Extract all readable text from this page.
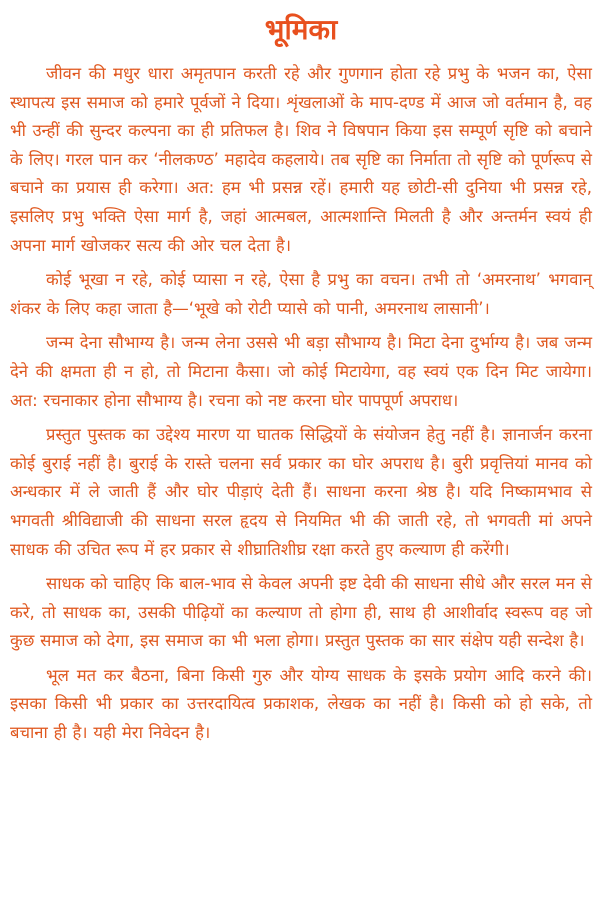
भूमिका

जीवन की मधुर धारा अमृतपान करती रहे और गुणगान होता रहे प्रभु के भजन का, ऐसा स्थापत्य इस समाज को हमारे पूर्वजों ने दिया। शृंखलाओं के माप-दण्ड में आज जो वर्तमान है, वह भी उन्हीं की सुन्दर कल्पना का ही प्रतिफल है। शिव ने विषपान किया इस सम्पूर्ण सृष्टि को बचाने के लिए। गरल पान कर ‘नीलकण्ठ’ महादेव कहलाये। तब सृष्टि का निर्माता तो सृष्टि को पूर्णरूप से बचाने का प्रयास ही करेगा। अत: हम भी प्रसन्न रहें। हमारी यह छोटी-सी दुनिया भी प्रसन्न रहे, इसलिए प्रभु भक्ति ऐसा मार्ग है, जहां आत्मबल, आत्मशान्ति मिलती है और अन्तर्मन स्वयं ही अपना मार्ग खोजकर सत्य की ओर चल देता है।

कोई भूखा न रहे, कोई प्यासा न रहे, ऐसा है प्रभु का वचन। तभी तो ‘अमरनाथ’ भगवान् शंकर के लिए कहा जाता है—‘भूखे को रोटी प्यासे को पानी, अमरनाथ लासानी’।

जन्म देना सौभाग्य है। जन्म लेना उससे भी बड़ा सौभाग्य है। मिटा देना दुर्भाग्य है। जब जन्म देने की क्षमता ही न हो, तो मिटाना कैसा। जो कोई मिटायेगा, वह स्वयं एक दिन मिट जायेगा। अत: रचनाकार होना सौभाग्य है। रचना को नष्ट करना घोर पापपूर्ण अपराध।

प्रस्तुत पुस्तक का उद्देश्य मारण या घातक सिद्धियों के संयोजन हेतु नहीं है। ज्ञानार्जन करना कोई बुराई नहीं है। बुराई के रास्ते चलना सर्व प्रकार का घोर अपराध है। बुरी प्रवृत्तियां मानव को अन्धकार में ले जाती हैं और घोर पीड़ाएं देती हैं। साधना करना श्रेष्ठ है। यदि निष्कामभाव से भगवती श्रीविद्याजी की साधना सरल हृदय से नियमित भी की जाती रहे, तो भगवती मां अपने साधक की उचित रूप में हर प्रकार से शीघ्रातिशीघ्र रक्षा करते हुए कल्याण ही करेंगी।

साधक को चाहिए कि बाल-भाव से केवल अपनी इष्ट देवी की साधना सीधे और सरल मन से करे, तो साधक का, उसकी पीढ़ियों का कल्याण तो होगा ही, साथ ही आशीर्वाद स्वरूप वह जो कुछ समाज को देगा, इस समाज का भी भला होगा। प्रस्तुत पुस्तक का सार संक्षेप यही सन्देश है।

भूल मत कर बैठना, बिना किसी गुरु और योग्य साधक के इसके प्रयोग आदि करने की। इसका किसी भी प्रकार का उत्तरदायित्व प्रकाशक, लेखक का नहीं है। किसी को हो सके, तो बचाना ही है। यही मेरा निवेदन है।
